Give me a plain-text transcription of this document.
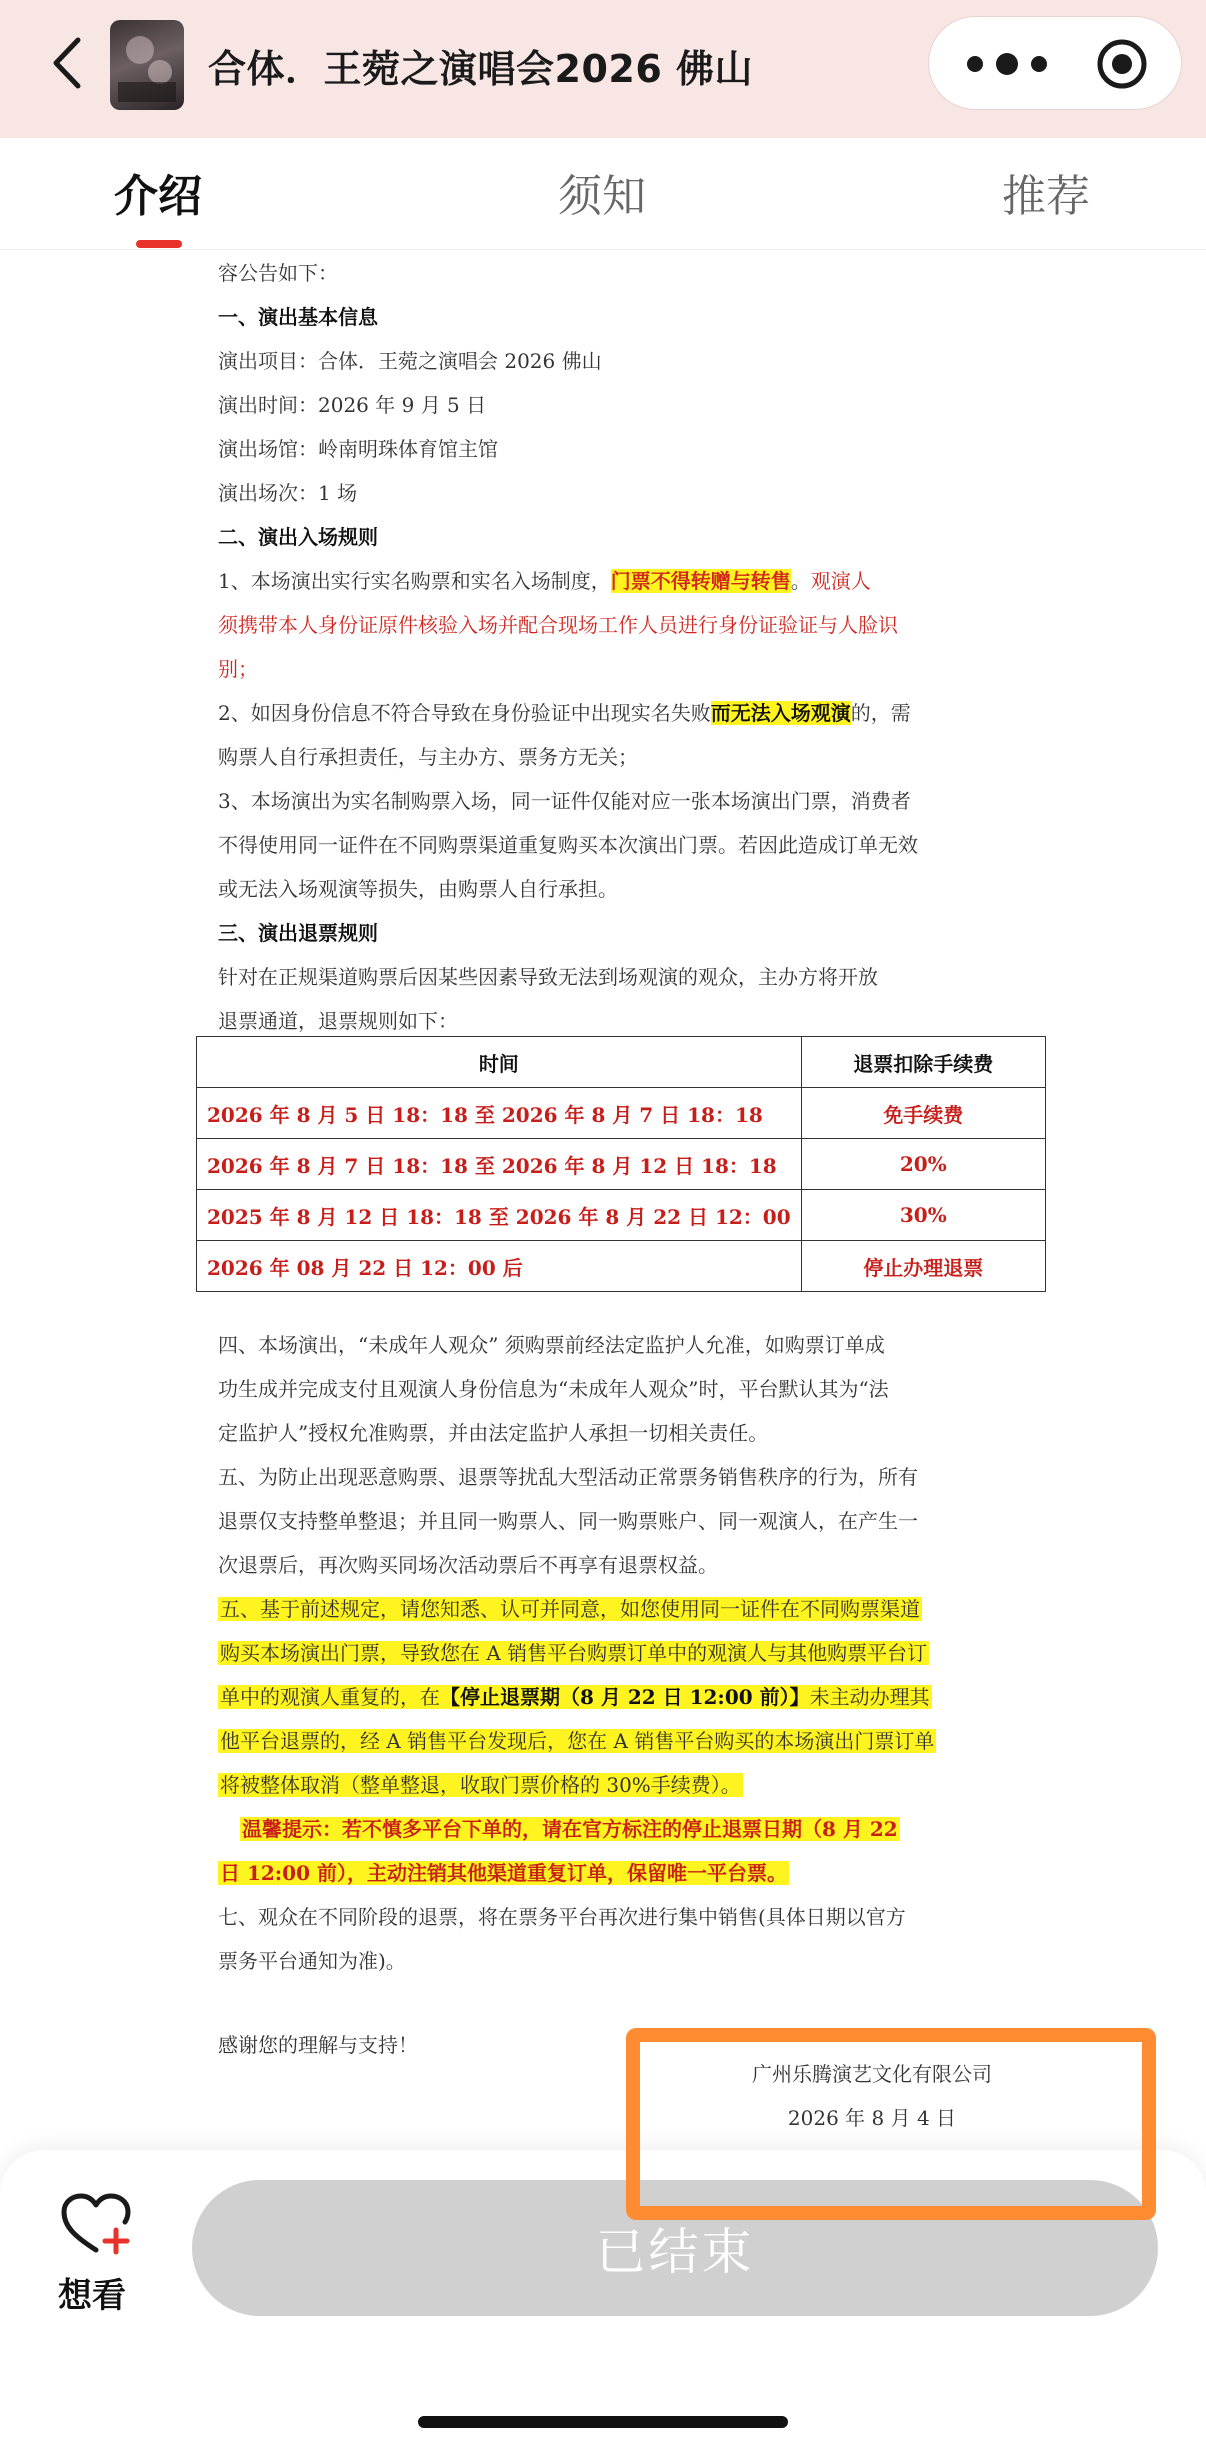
合体．王菀之演唱会2026 佛山
介绍	须知	推荐
容公告如下：
一、演出基本信息
演出项目：合体．王菀之演唱会 2026 佛山
演出时间：2026 年 9 月 5 日
演出场馆：岭南明珠体育馆主馆
演出场次：1 场
二、演出入场规则
1、本场演出实行实名购票和实名入场制度，门票不得转赠与转售。观演人
须携带本人身份证原件核验入场并配合现场工作人员进行身份证验证与人脸识
别；
2、如因身份信息不符合导致在身份验证中出现实名失败而无法入场观演的，需
购票人自行承担责任，与主办方、票务方无关；
3、本场演出为实名制购票入场，同一证件仅能对应一张本场演出门票，消费者
不得使用同一证件在不同购票渠道重复购买本次演出门票。若因此造成订单无效
或无法入场观演等损失，由购票人自行承担。
三、演出退票规则
针对在正规渠道购票后因某些因素导致无法到场观演的观众，主办方将开放
退票通道，退票规则如下：
时间	退票扣除手续费
2026 年 8 月 5 日 18：18 至 2026 年 8 月 7 日 18：18	免手续费
2026 年 8 月 7 日 18：18 至 2026 年 8 月 12 日 18：18	20%
2025 年 8 月 12 日 18：18 至 2026 年 8 月 22 日 12：00	30%
2026 年 08 月 22 日 12：00 后	停止办理退票
四、本场演出，“未成年人观众” 须购票前经法定监护人允准，如购票订单成
功生成并完成支付且观演人身份信息为“未成年人观众”时，平台默认其为“法
定监护人”授权允准购票，并由法定监护人承担一切相关责任。
五、为防止出现恶意购票、退票等扰乱大型活动正常票务销售秩序的行为，所有
退票仅支持整单整退；并且同一购票人、同一购票账户、同一观演人，在产生一
次退票后，再次购买同场次活动票后不再享有退票权益。
五、基于前述规定，请您知悉、认可并同意，如您使用同一证件在不同购票渠道
购买本场演出门票，导致您在 A 销售平台购票订单中的观演人与其他购票平台订
单中的观演人重复的，在【停止退票期（8 月 22 日 12:00 前）】未主动办理其
他平台退票的，经 A 销售平台发现后，您在 A 销售平台购买的本场演出门票订单
将被整体取消（整单整退，收取门票价格的 30%手续费）。
温馨提示：若不慎多平台下单的，请在官方标注的停止退票日期（8 月 22
日 12:00 前），主动注销其他渠道重复订单，保留唯一平台票。
七、观众在不同阶段的退票，将在票务平台再次进行集中销售(具体日期以官方
票务平台通知为准)。
感谢您的理解与支持！
广州乐腾演艺文化有限公司
2026 年 8 月 4 日
想看
已结束
